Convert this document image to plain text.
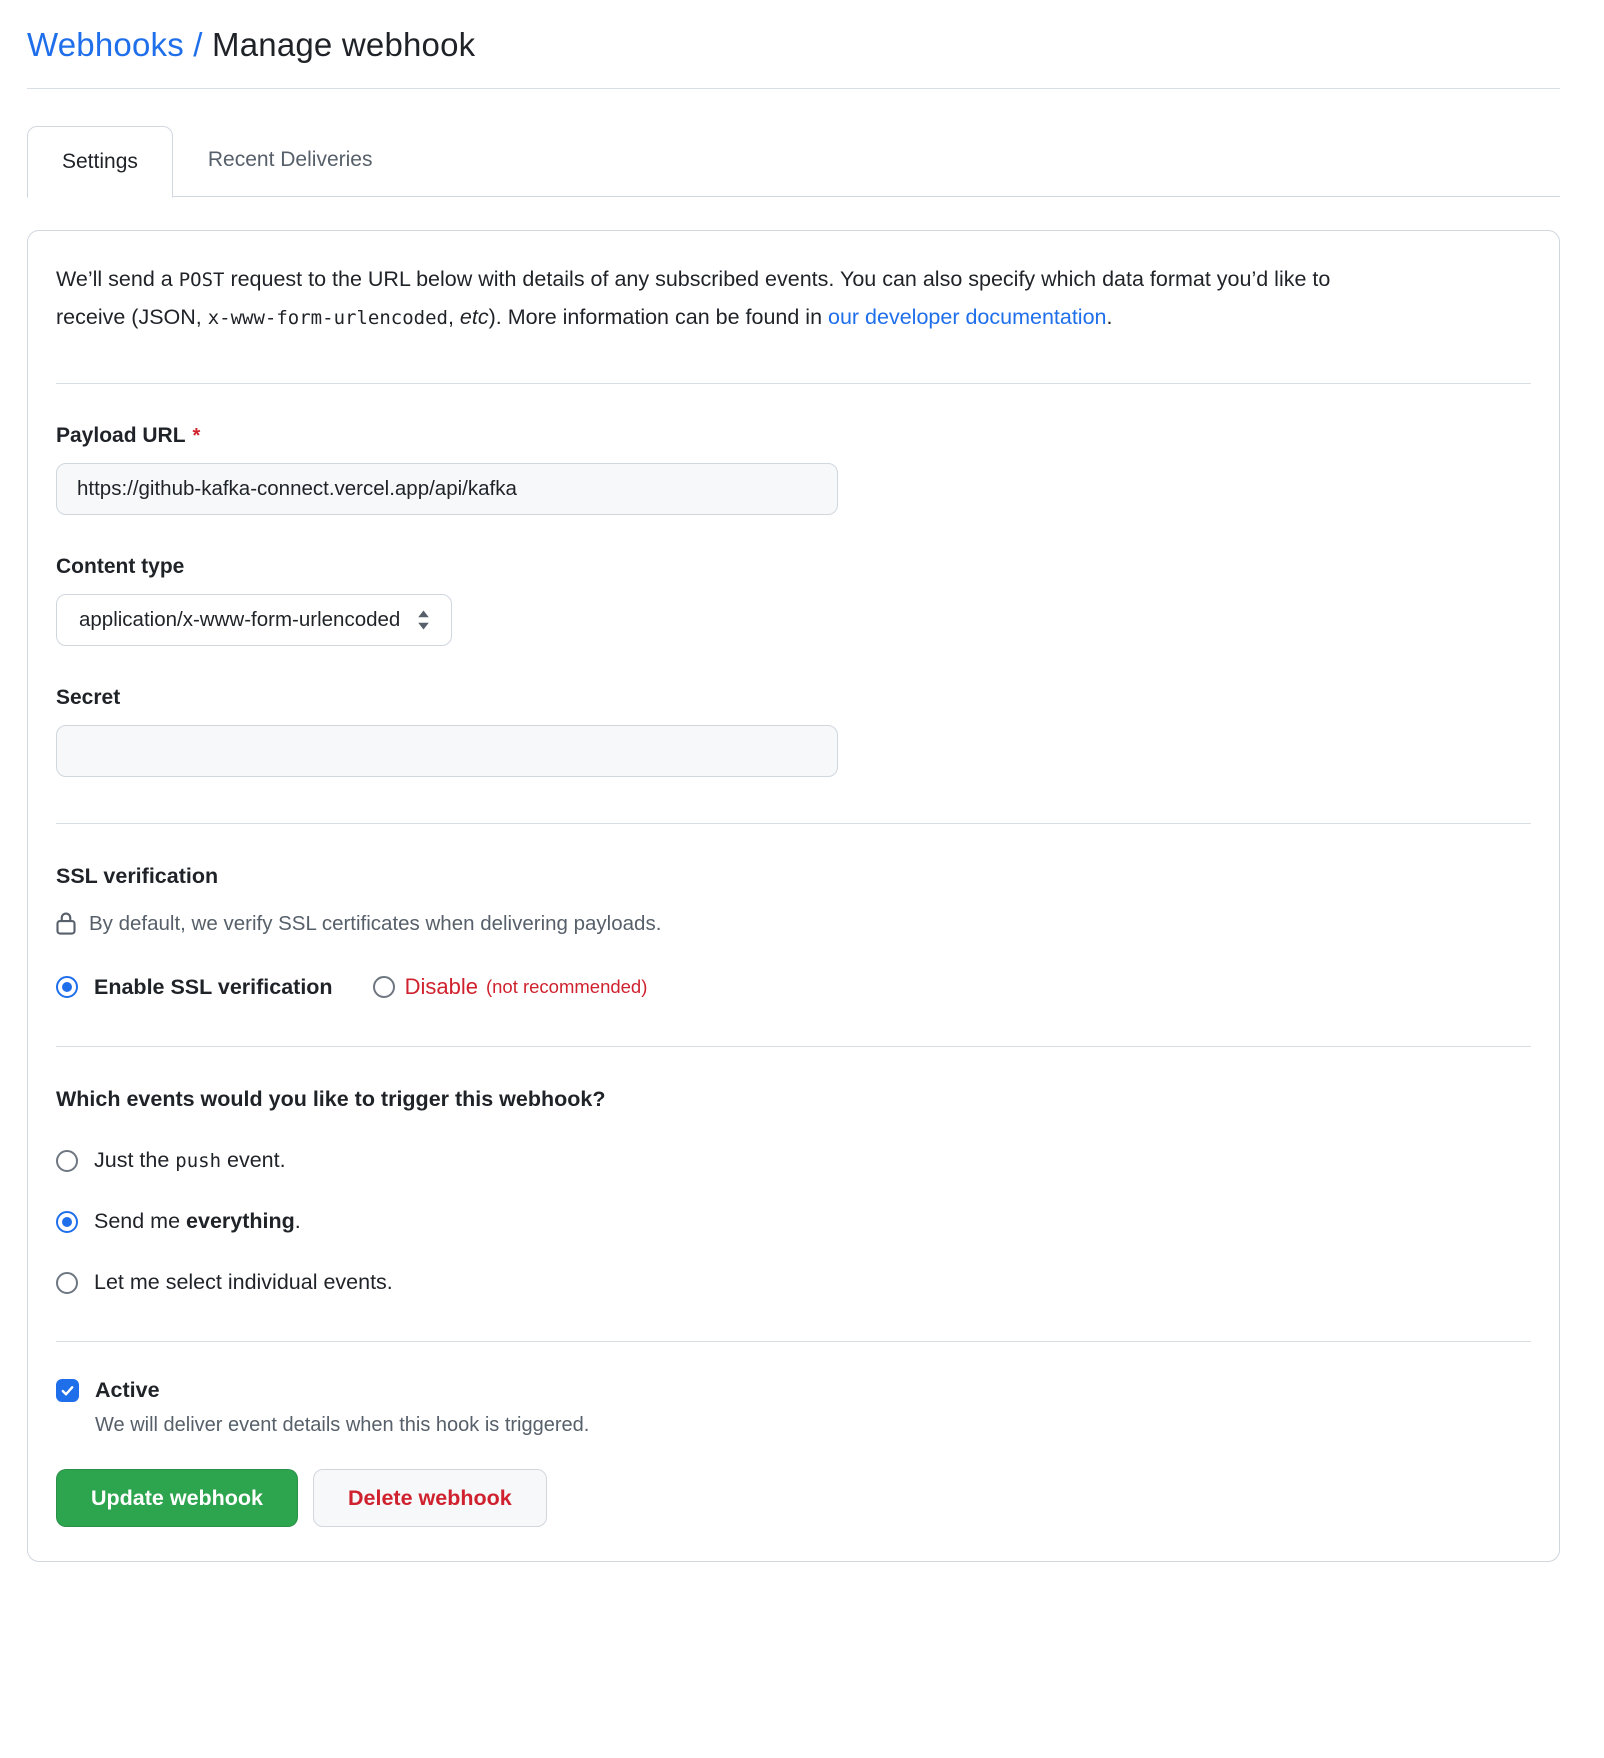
Webhooks / Manage webhook
Settings	Recent Deliveries

We’ll send a POST request to the URL below with details of any subscribed events. You can also specify which data format you’d like to receive (JSON, x-www-form-urlencoded, etc). More information can be found in our developer documentation.

Payload URL *
https://github-kafka-connect.vercel.app/api/kafka
Content type
application/x-www-form-urlencoded
Secret
SSL verification
By default, we verify SSL certificates when delivering payloads.
Enable SSL verification	Disable (not recommended)
Which events would you like to trigger this webhook?
Just the push event.
Send me everything.
Let me select individual events.
Active
We will deliver event details when this hook is triggered.
Update webhook	Delete webhook
